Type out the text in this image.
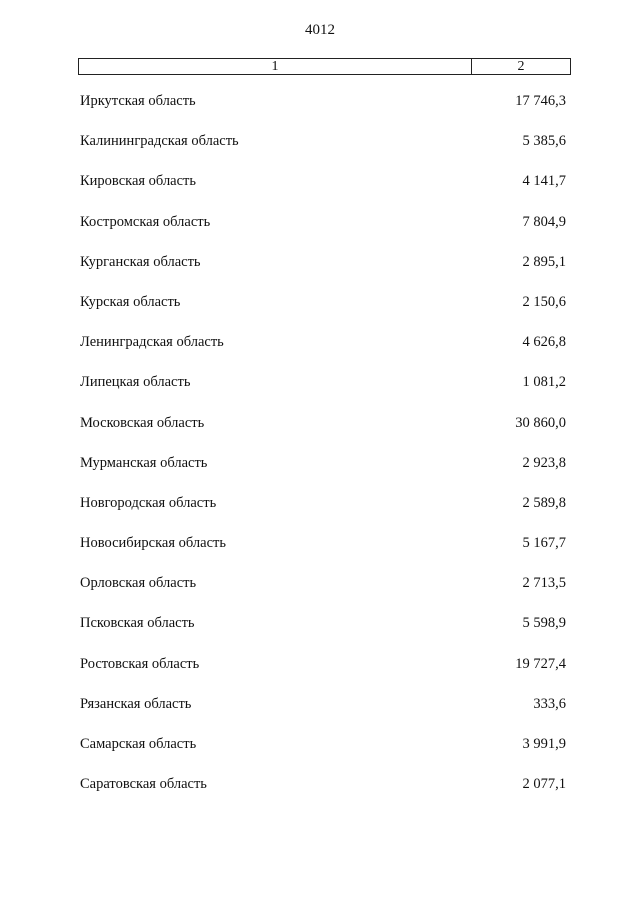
4012
1	2
Иркутская область	17 746,3
Калининградская область	5 385,6
Кировская область	4 141,7
Костромская область	7 804,9
Курганская область	2 895,1
Курская область	2 150,6
Ленинградская область	4 626,8
Липецкая область	1 081,2
Московская область	30 860,0
Мурманская область	2 923,8
Новгородская область	2 589,8
Новосибирская область	5 167,7
Орловская область	2 713,5
Псковская область	5 598,9
Ростовская область	19 727,4
Рязанская область	333,6
Самарская область	3 991,9
Саратовская область	2 077,1
